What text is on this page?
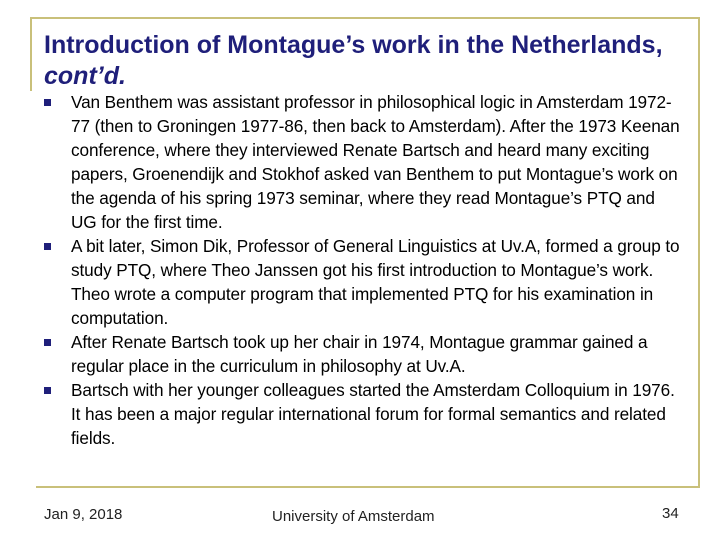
Introduction of Montague’s work in the Netherlands, cont’d.
Van Benthem was assistant professor in philosophical logic in Amsterdam 1972-77 (then to Groningen 1977-86, then back to Amsterdam). After the 1973 Keenan conference, where they interviewed Renate Bartsch and heard many exciting papers, Groenendijk and Stokhof asked van Benthem to put Montague’s work on the agenda of his spring 1973 seminar, where they read Montague’s PTQ and UG for the first time.
A bit later, Simon Dik, Professor of General Linguistics at Uv.A, formed a group to study PTQ, where Theo Janssen got his first introduction to Montague’s work. Theo wrote a computer program that implemented PTQ for his examination in computation.
After Renate Bartsch took up her chair in 1974, Montague grammar gained a regular place in the curriculum in philosophy at Uv.A.
Bartsch with her younger colleagues started the Amsterdam Colloquium in 1976. It has been a major regular international forum for formal semantics and related fields.
Jan 9, 2018	University of Amsterdam	34
